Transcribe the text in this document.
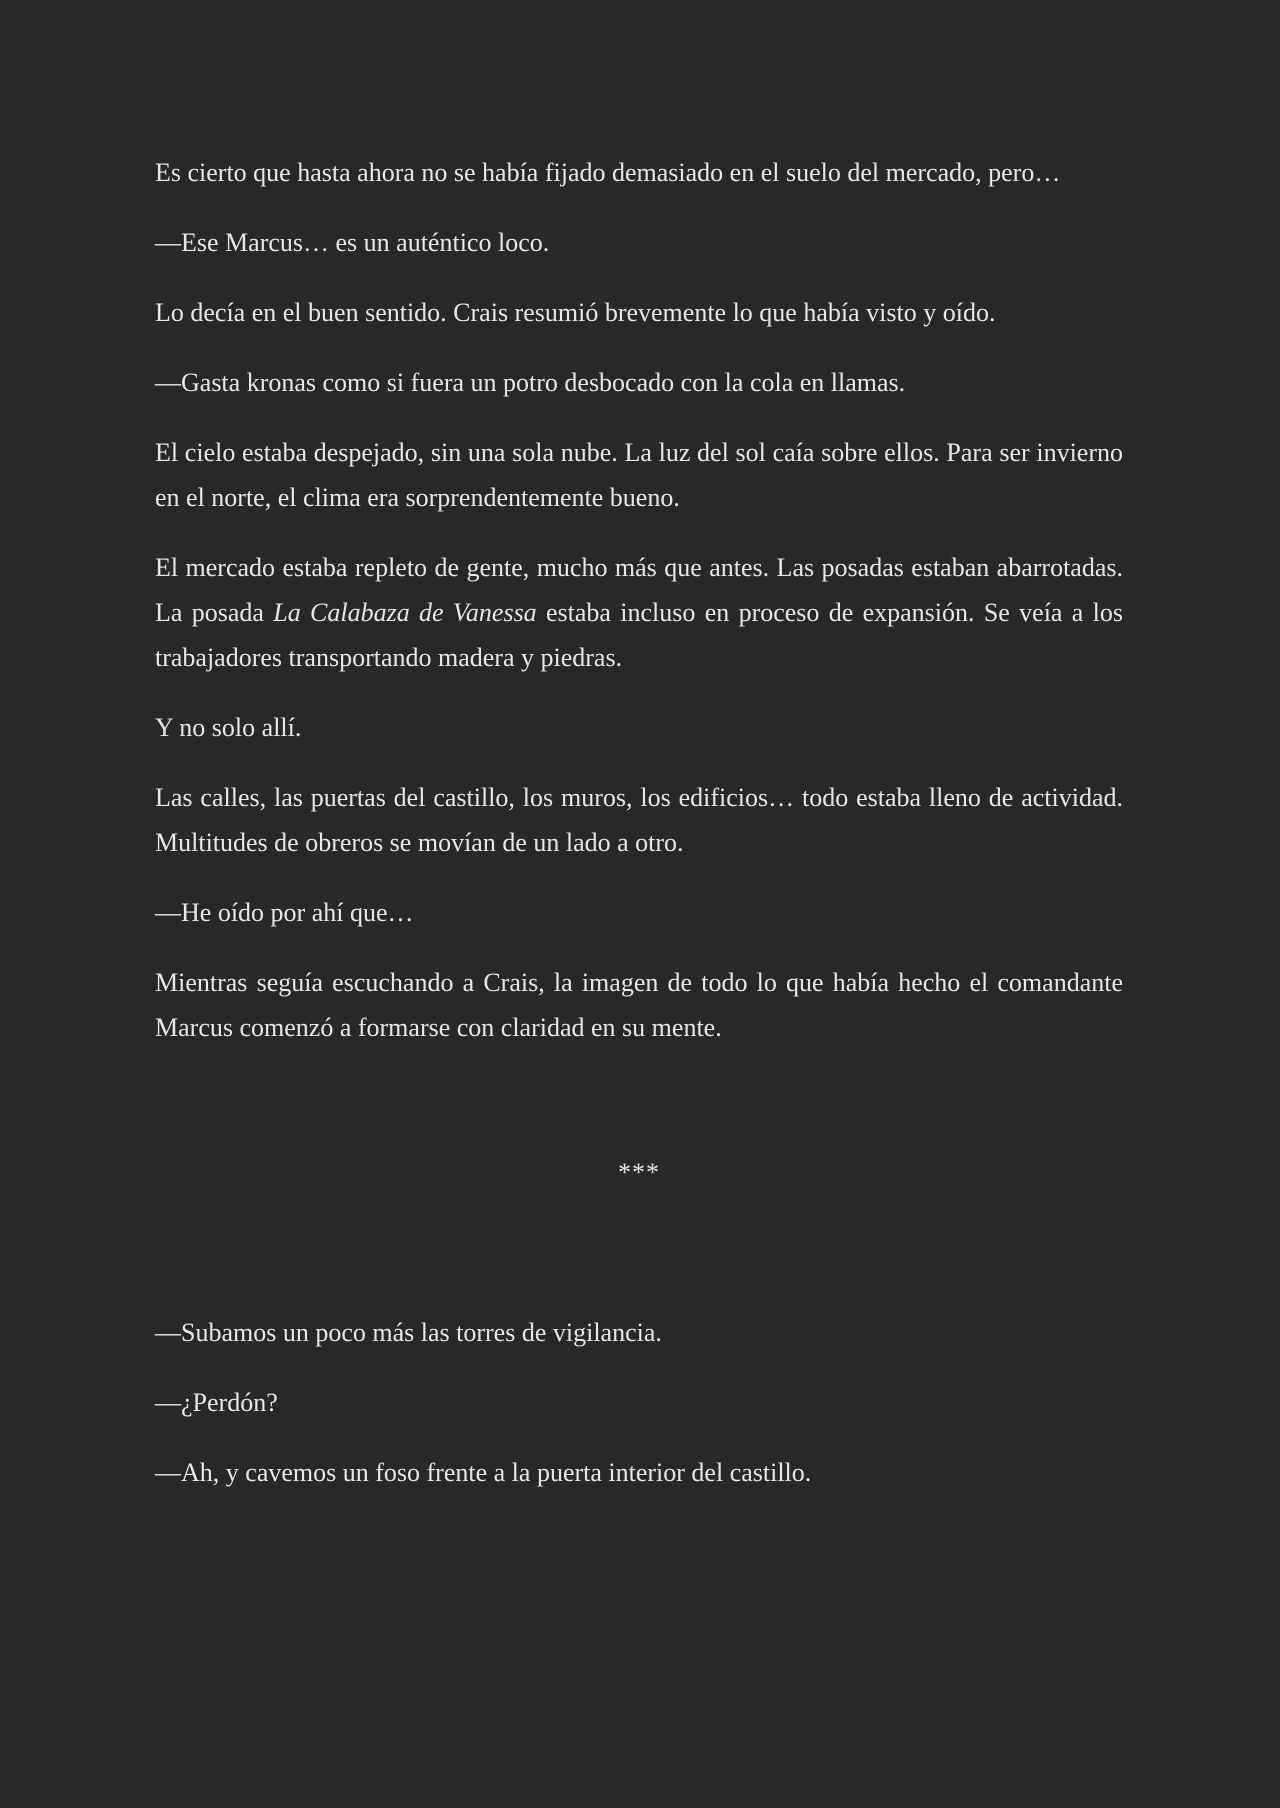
Es cierto que hasta ahora no se había fijado demasiado en el suelo del mercado, pero…

—Ese Marcus… es un auténtico loco.

Lo decía en el buen sentido. Crais resumió brevemente lo que había visto y oído.

—Gasta kronas como si fuera un potro desbocado con la cola en llamas.

El cielo estaba despejado, sin una sola nube. La luz del sol caía sobre ellos. Para ser invierno en el norte, el clima era sorprendentemente bueno.

El mercado estaba repleto de gente, mucho más que antes. Las posadas estaban abarrotadas. La posada La Calabaza de Vanessa estaba incluso en proceso de expansión. Se veía a los trabajadores transportando madera y piedras.

Y no solo allí.

Las calles, las puertas del castillo, los muros, los edificios… todo estaba lleno de actividad. Multitudes de obreros se movían de un lado a otro.

—He oído por ahí que…

Mientras seguía escuchando a Crais, la imagen de todo lo que había hecho el comandante Marcus comenzó a formarse con claridad en su mente.

***

—Subamos un poco más las torres de vigilancia.

—¿Perdón?

—Ah, y cavemos un foso frente a la puerta interior del castillo.
